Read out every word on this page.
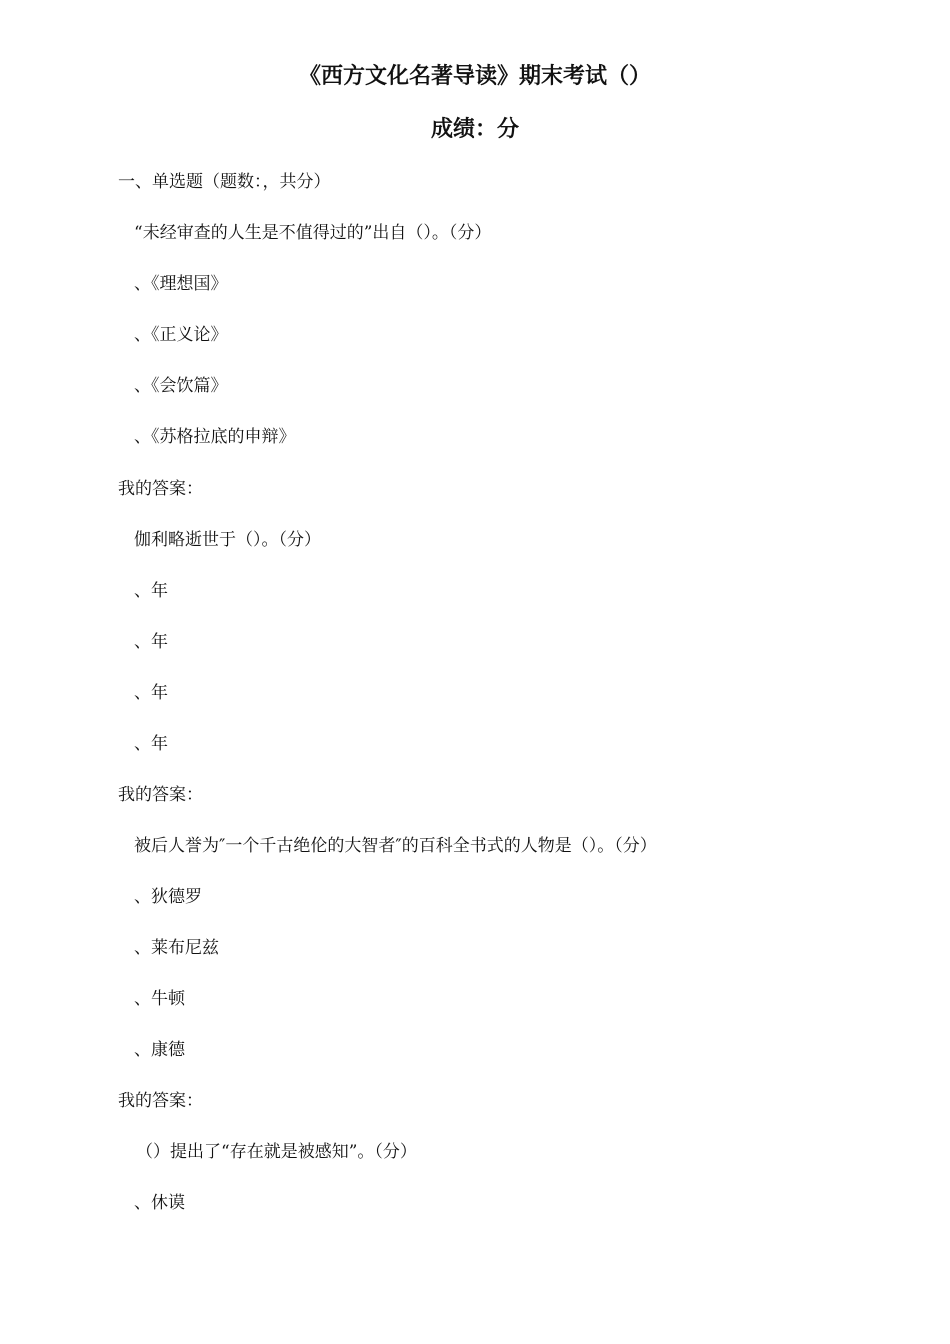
《西方文化名著导读》期末考试（）
成绩：分

一、单选题（题数：，共分）

“未经审查的人生是不值得过的”出自（）。（分）

、《理想国》

、《正义论》

、《会饮篇》

、《苏格拉底的申辩》

我的答案：

伽利略逝世于（）。（分）

、年

、年

、年

、年

我的答案：

被后人誉为″一个千古绝伦的大智者″的百科全书式的人物是（）。（分）

、狄德罗

、莱布尼兹

、牛顿

、康德

我的答案：

（）提出了“存在就是被感知”。（分）

、休谟
